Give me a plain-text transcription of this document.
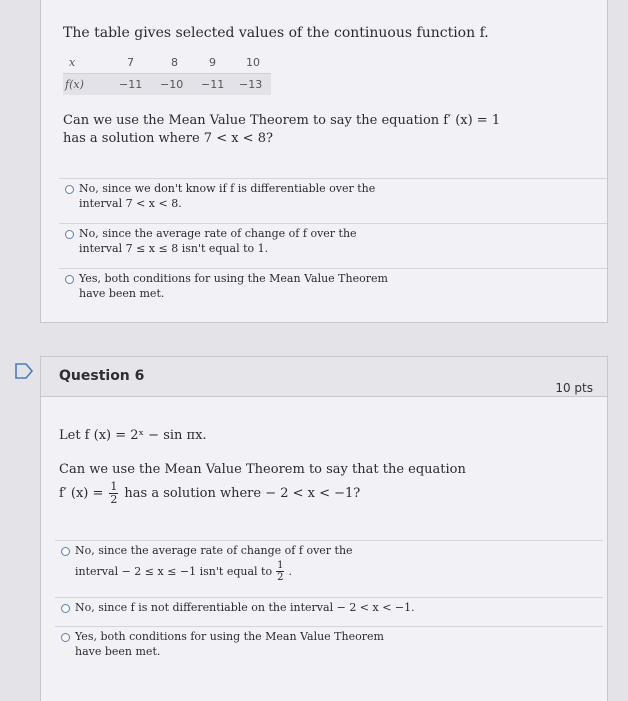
The table gives selected values of the continuous function f.
x	7	8	9	10
f(x)	−11 −10 −11 −13
Can we use the Mean Value Theorem to say the equation f′ (x) = 1
has a solution where 7 < x < 8?
No, since we don't know if f is differentiable over the
interval 7 < x < 8.
No, since the average rate of change of f over the
interval 7 ≤ x ≤ 8 isn't equal to 1.
Yes, both conditions for using the Mean Value Theorem
have been met.
Question 6
10 pts
Let f (x) = 2ˣ − sin πx.
Can we use the Mean Value Theorem to say that the equation
f′ $(x) = \frac{1}{2}$ has a solution where − 2 < x < −1?
No, since the average rate of change of f over the
interval − 2 ≤ x ≤ −1 isn't equal to $\frac{1}{2}$ .
No, since f is not differentiable on the interval − 2 < x < −1.
Yes, both conditions for using the Mean Value Theorem
have been met.
